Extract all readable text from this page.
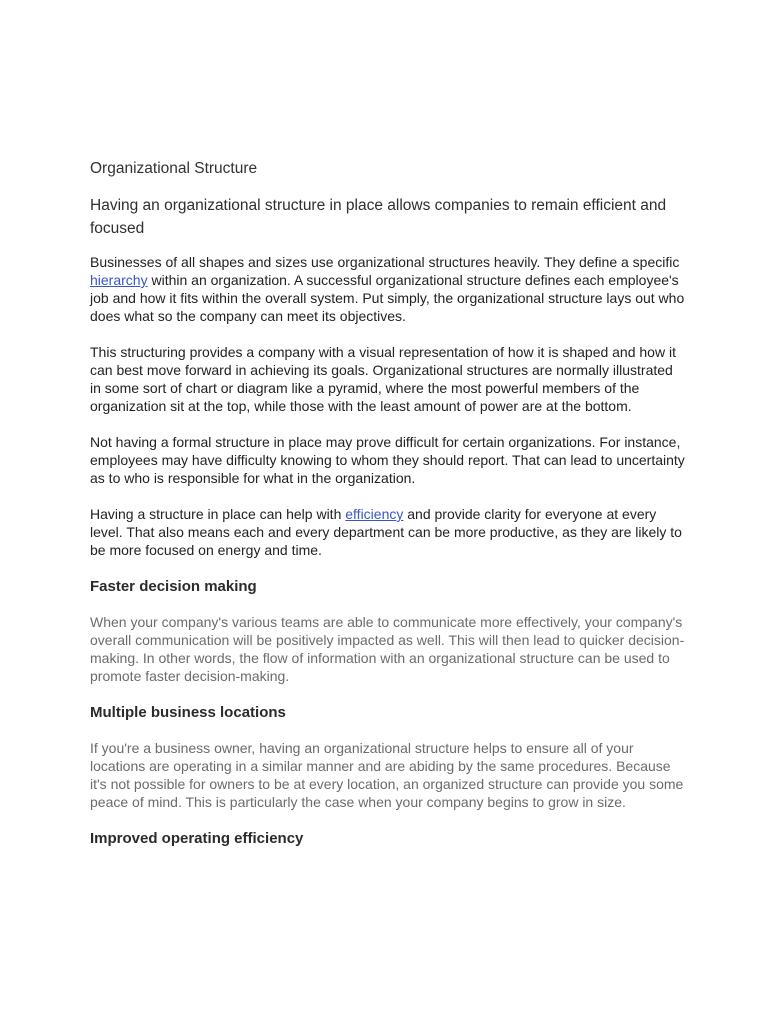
Organizational Structure
Having an organizational structure in place allows companies to remain efficient and focused

Businesses of all shapes and sizes use organizational structures heavily. They define a specific hierarchy within an organization. A successful organizational structure defines each employee's job and how it fits within the overall system. Put simply, the organizational structure lays out who does what so the company can meet its objectives.

This structuring provides a company with a visual representation of how it is shaped and how it can best move forward in achieving its goals. Organizational structures are normally illustrated in some sort of chart or diagram like a pyramid, where the most powerful members of the organization sit at the top, while those with the least amount of power are at the bottom.

Not having a formal structure in place may prove difficult for certain organizations. For instance, employees may have difficulty knowing to whom they should report. That can lead to uncertainty as to who is responsible for what in the organization.

Having a structure in place can help with efficiency and provide clarity for everyone at every level. That also means each and every department can be more productive, as they are likely to be more focused on energy and time.

Faster decision making

When your company's various teams are able to communicate more effectively, your company's overall communication will be positively impacted as well. This will then lead to quicker decision-making. In other words, the flow of information with an organizational structure can be used to promote faster decision-making.

Multiple business locations

If you're a business owner, having an organizational structure helps to ensure all of your locations are operating in a similar manner and are abiding by the same procedures. Because it's not possible for owners to be at every location, an organized structure can provide you some peace of mind. This is particularly the case when your company begins to grow in size.

Improved operating efficiency
